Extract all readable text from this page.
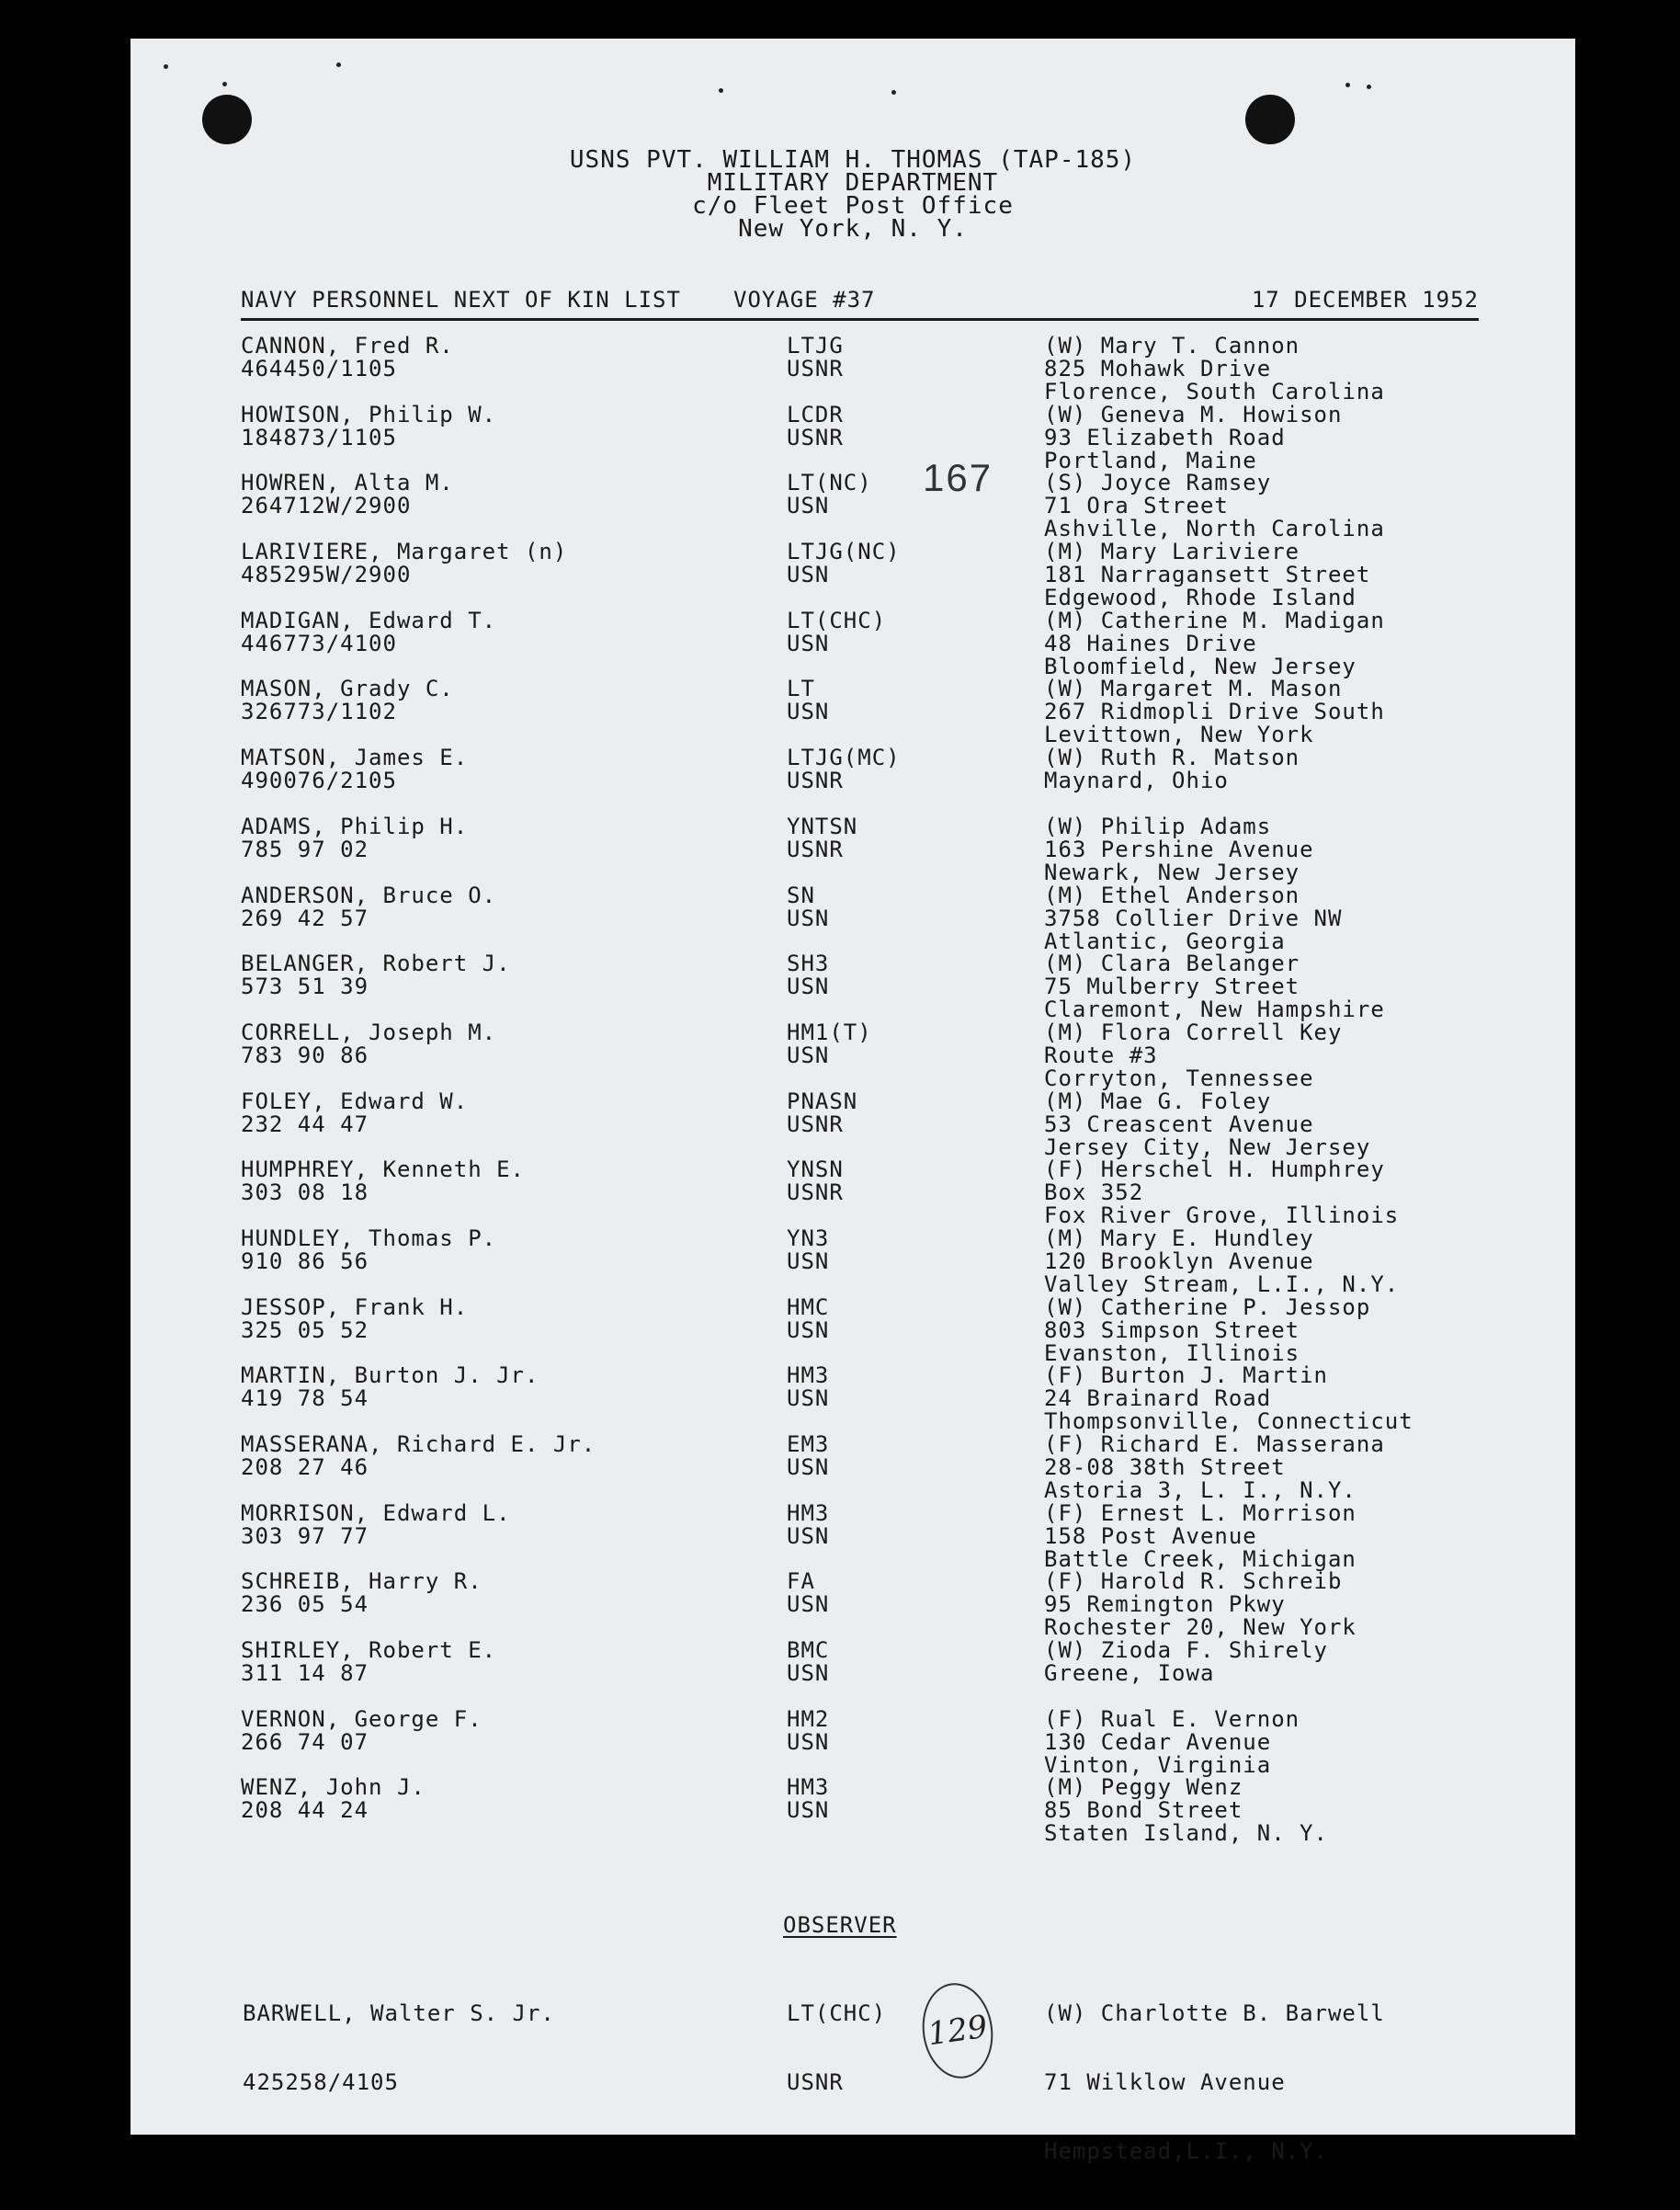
USNS PVT. WILLIAM H. THOMAS (TAP-185)
MILITARY DEPARTMENT
c/o Fleet Post Office
New York, N. Y.
NAVY PERSONNEL NEXT OF KIN LIST VOYAGE #37	17 DECEMBER 1952
167
CANNON, Fred R.
464450/1105
LTJG
USNR
(W) Mary T. Cannon
825 Mohawk Drive
Florence, South Carolina
HOWISON, Philip W.
184873/1105
LCDR
USNR
(W) Geneva M. Howison
93 Elizabeth Road
Portland, Maine
HOWREN, Alta M.
264712W/2900
LT(NC)
USN
(S) Joyce Ramsey
71 Ora Street
Ashville, North Carolina
LARIVIERE, Margaret (n)
485295W/2900
LTJG(NC)
USN
(M) Mary Lariviere
181 Narragansett Street
Edgewood, Rhode Island
MADIGAN, Edward T.
446773/4100
LT(CHC)
USN
(M) Catherine M. Madigan
48 Haines Drive
Bloomfield, New Jersey
MASON, Grady C.
326773/1102
LT
USN
(W) Margaret M. Mason
267 Ridmopli Drive South
Levittown, New York
MATSON, James E.
490076/2105
LTJG(MC)
USNR
(W) Ruth R. Matson
Maynard, Ohio
ADAMS, Philip H.
785 97 02
YNTSN
USNR
(W) Philip Adams
163 Pershine Avenue
Newark, New Jersey
ANDERSON, Bruce O.
269 42 57
SN
USN
(M) Ethel Anderson
3758 Collier Drive NW
Atlantic, Georgia
BELANGER, Robert J.
573 51 39
SH3
USN
(M) Clara Belanger
75 Mulberry Street
Claremont, New Hampshire
CORRELL, Joseph M.
783 90 86
HM1(T)
USN
(M) Flora Correll Key
Route #3
Corryton, Tennessee
FOLEY, Edward W.
232 44 47
PNASN
USNR
(M) Mae G. Foley
53 Creascent Avenue
Jersey City, New Jersey
HUMPHREY, Kenneth E.
303 08 18
YNSN
USNR
(F) Herschel H. Humphrey
Box 352
Fox River Grove, Illinois
HUNDLEY, Thomas P.
910 86 56
YN3
USN
(M) Mary E. Hundley
120 Brooklyn Avenue
Valley Stream, L.I., N.Y.
JESSOP, Frank H.
325 05 52
HMC
USN
(W) Catherine P. Jessop
803 Simpson Street
Evanston, Illinois
MARTIN, Burton J. Jr.
419 78 54
HM3
USN
(F) Burton J. Martin
24 Brainard Road
Thompsonville, Connecticut
MASSERANA, Richard E. Jr.
208 27 46
EM3
USN
(F) Richard E. Masserana
28-08 38th Street
Astoria 3, L. I., N.Y.
MORRISON, Edward L.
303 97 77
HM3
USN
(F) Ernest L. Morrison
158 Post Avenue
Battle Creek, Michigan
SCHREIB, Harry R.
236 05 54
FA
USN
(F) Harold R. Schreib
95 Remington Pkwy
Rochester 20, New York
SHIRLEY, Robert E.
311 14 87
BMC
USN
(W) Zioda F. Shirely
Greene, Iowa
VERNON, George F.
266 74 07
HM2
USN
(F) Rual E. Vernon
130 Cedar Avenue
Vinton, Virginia
WENZ, John J.
208 44 24
HM3
USN
(M) Peggy Wenz
85 Bond Street
Staten Island, N. Y.
OBSERVER

BARWELL, Walter S. Jr.

425258/4105

LT(CHC)

USNR

(W) Charlotte B. Barwell

71 Wilklow Avenue

Hempstead,L.I., N.Y.

129
